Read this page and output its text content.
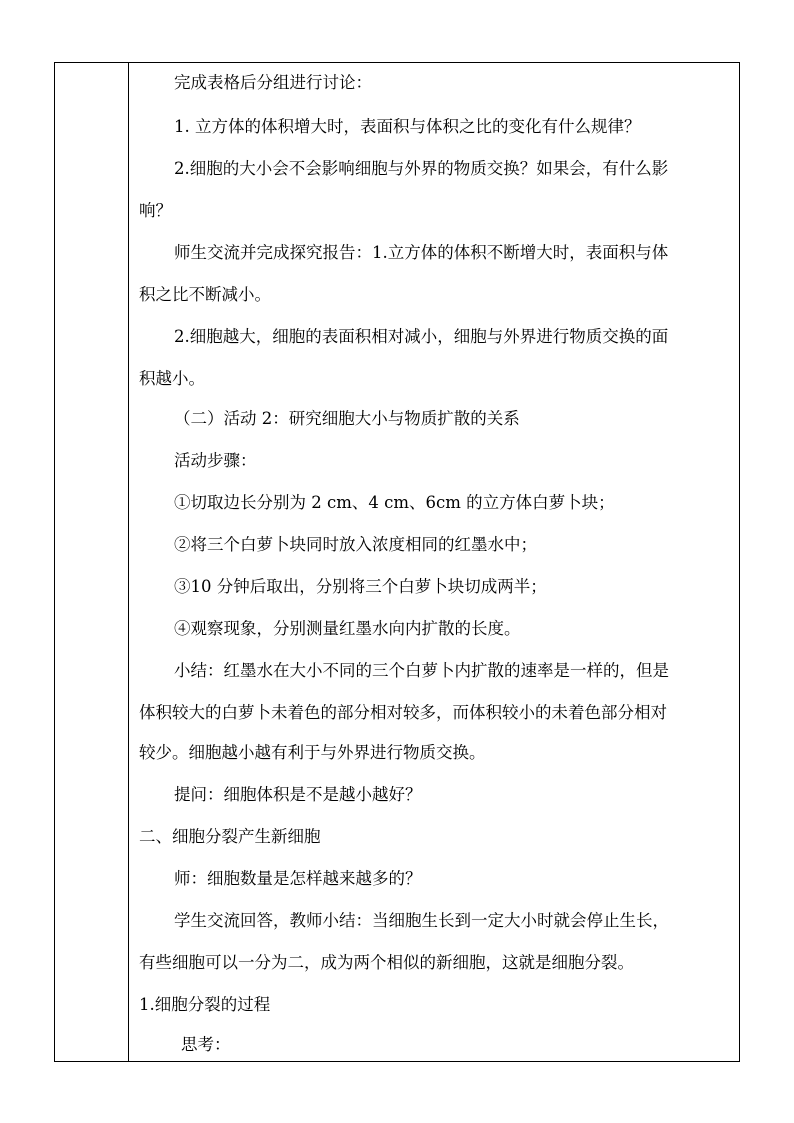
完成表格后分组进行讨论：
1. 立方体的体积增大时，表面积与体积之比的变化有什么规律？
2.细胞的大小会不会影响细胞与外界的物质交换？如果会，有什么影
响？
师生交流并完成探究报告：1.立方体的体积不断增大时，表面积与体
积之比不断减小。
2.细胞越大，细胞的表面积相对减小，细胞与外界进行物质交换的面
积越小。
（二）活动 2：研究细胞大小与物质扩散的关系
活动步骤：
①切取边长分别为 2 cm、4 cm、6cm 的立方体白萝卜块；
②将三个白萝卜块同时放入浓度相同的红墨水中；
③10 分钟后取出，分别将三个白萝卜块切成两半；
④观察现象，分别测量红墨水向内扩散的长度。
小结：红墨水在大小不同的三个白萝卜内扩散的速率是一样的，但是
体积较大的白萝卜未着色的部分相对较多，而体积较小的未着色部分相对
较少。细胞越小越有利于与外界进行物质交换。
提问：细胞体积是不是越小越好？
二、细胞分裂产生新细胞
师：细胞数量是怎样越来越多的？
学生交流回答，教师小结：当细胞生长到一定大小时就会停止生长，
有些细胞可以一分为二，成为两个相似的新细胞，这就是细胞分裂。
1.细胞分裂的过程
思考：
